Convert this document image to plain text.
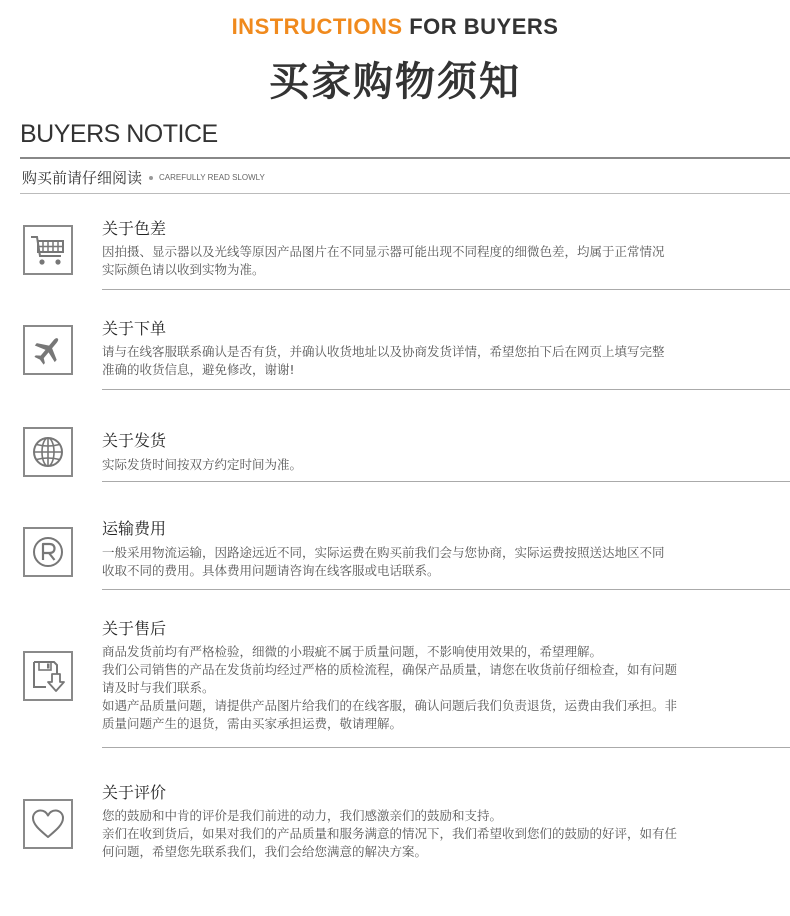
INSTRUCTIONS FOR BUYERS
买家购物须知
BUYERS NOTICE
购买前请仔细阅读 CAREFULLY READ SLOWLY
关于色差

因拍摄、显示器以及光线等原因产品图片在不同显示器可能出现不同程度的细微色差，均属于正常情况

实际颜色请以收到实物为准。

关于下单

请与在线客服联系确认是否有货，并确认收货地址以及协商发货详情，希望您拍下后在网页上填写完整

准确的收货信息，避免修改，谢谢!

关于发货

实际发货时间按双方约定时间为准。

运输费用

一般采用物流运输，因路途远近不同，实际运费在购买前我们会与您协商，实际运费按照送达地区不同

收取不同的费用。具体费用问题请咨询在线客服或电话联系。

关于售后

商品发货前均有严格检验，细微的小瑕疵不属于质量问题，不影响使用效果的，希望理解。

我们公司销售的产品在发货前均经过严格的质检流程，确保产品质量，请您在收货前仔细检查，如有问题

请及时与我们联系。

如遇产品质量问题，请提供产品图片给我们的在线客服，确认问题后我们负责退货，运费由我们承担。非

质量问题产生的退货，需由买家承担运费，敬请理解。

关于评价

您的鼓励和中肯的评价是我们前进的动力，我们感激亲们的鼓励和支持。

亲们在收到货后，如果对我们的产品质量和服务满意的情况下，我们希望收到您们的鼓励的好评，如有任

何问题，希望您先联系我们，我们会给您满意的解决方案。
